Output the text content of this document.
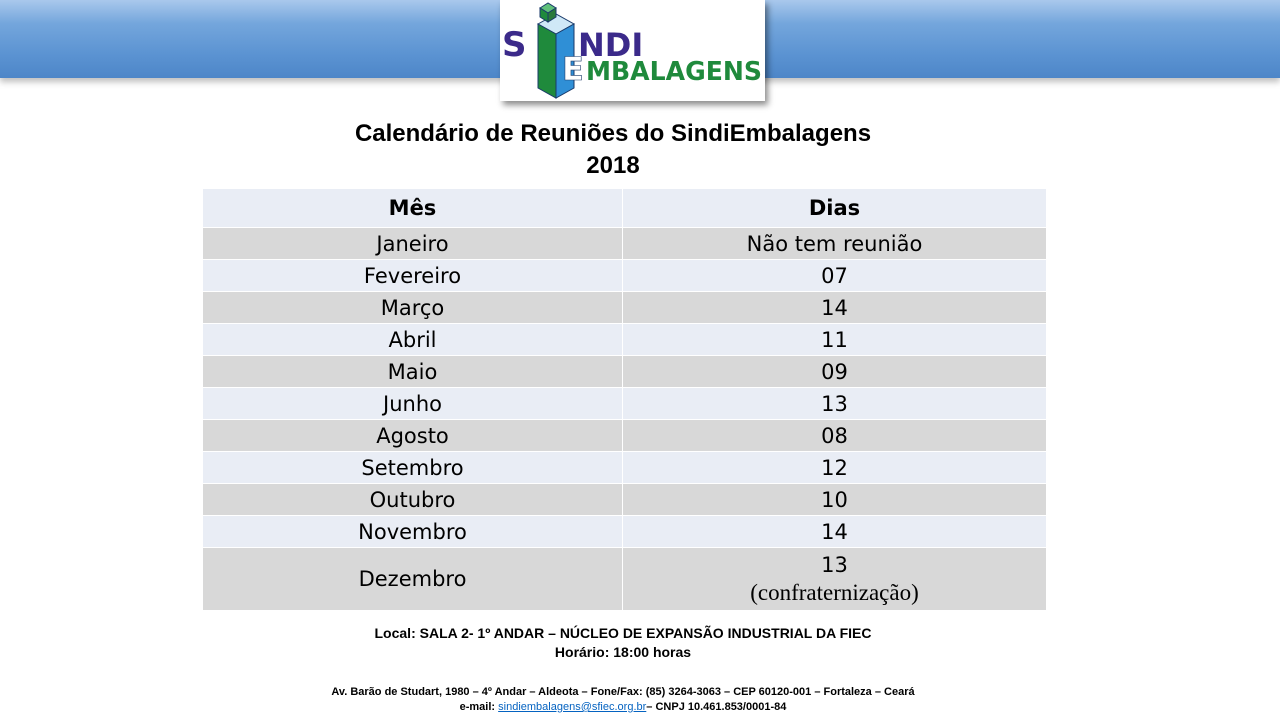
S NDI
E MBALAGENS
Calendário de Reuniões do SindiEmbalagens
2018
Mês	Dias
Janeiro	Não tem reunião
Fevereiro	07
Março	14
Abril	11
Maio	09
Junho	13
Agosto	08
Setembro	12
Outubro	10
Novembro	14
Dezembro	13
(confraternização)
Local: SALA 2- 1º ANDAR – NÚCLEO DE EXPANSÃO INDUSTRIAL DA FIEC
Horário: 18:00 horas
Av. Barão de Studart, 1980 – 4º Andar – Aldeota – Fone/Fax: (85) 3264-3063 – CEP 60120-001 – Fortaleza – Ceará
e-mail: sindiembalagens@sfiec.org.br– CNPJ 10.461.853/0001-84
